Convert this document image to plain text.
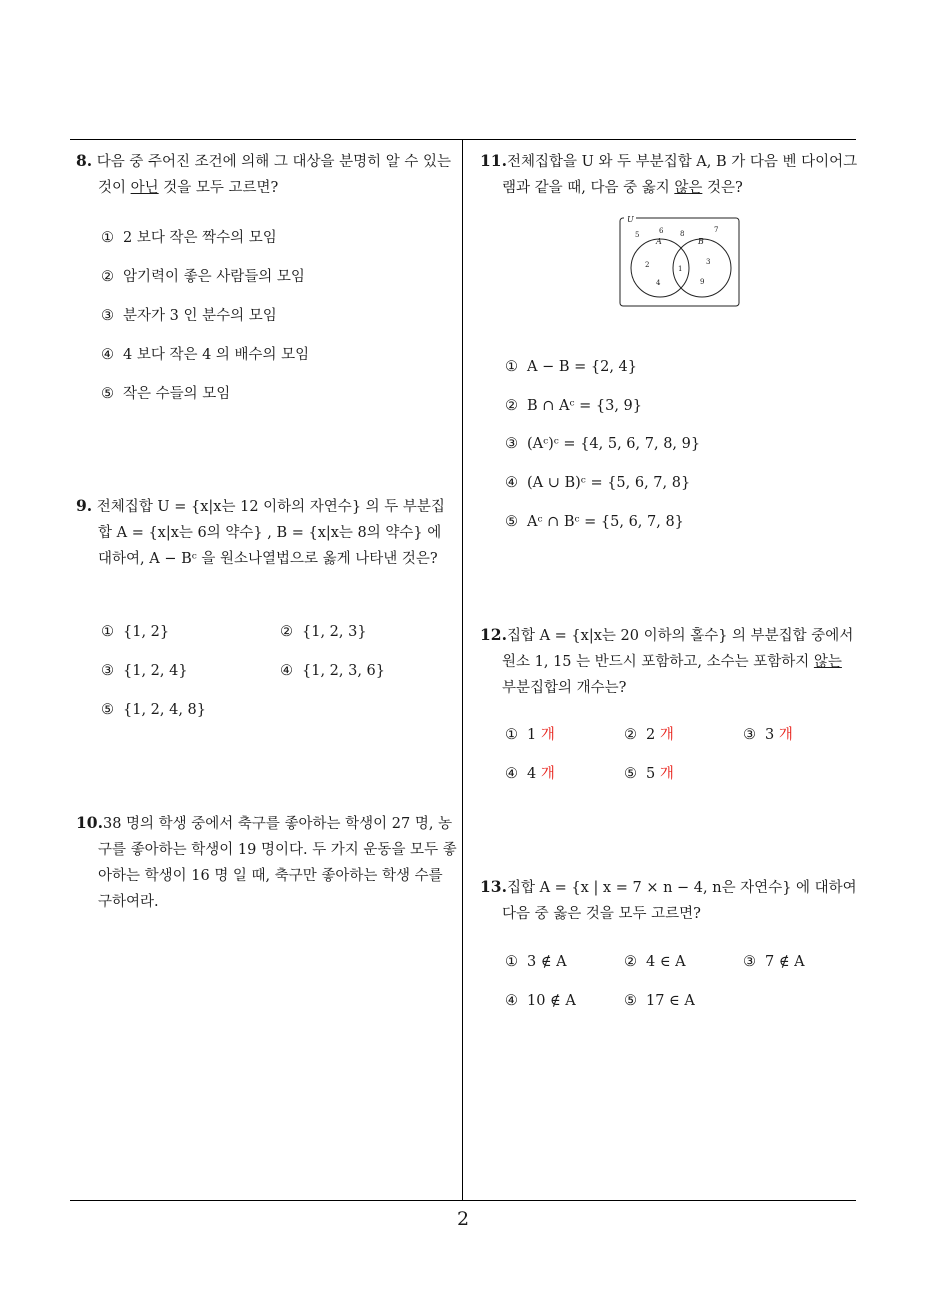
8. 다음 중 주어진 조건에 의해 그 대상을 분명히 알 수 있는 것이 아닌 것을 모두 고르면?
① 2 보다 작은 짝수의 모임
② 암기력이 좋은 사람들의 모임
③ 분자가 3 인 분수의 모임
④ 4 보다 작은 4 의 배수의 모임
⑤ 작은 수들의 모임
9. 전체집합 U = {x|x는 12 이하의 자연수} 의 두 부분집합 A = {x|x는 6의 약수} , B = {x|x는 8의 약수} 에 대하여, A − Bᶜ 을 원소나열법으로 옳게 나타낸 것은?
① {1, 2}	② {1, 2, 3}
③ {1, 2, 4}	④ {1, 2, 3, 6}
⑤ {1, 2, 4, 8}
10.38 명의 학생 중에서 축구를 좋아하는 학생이 27 명, 농구를 좋아하는 학생이 19 명이다. 두 가지 운동을 모두 좋아하는 학생이 16 명 일 때, 축구만 좋아하는 학생 수를 구하여라.
11.전체집합을 U 와 두 부분집합 A, B 가 다음 벤 다이어그램과 같을 때, 다음 중 옳지 않은 것은?
U
A	B
5	6 8	7
2
4
1
3
9
① A − B = {2, 4}
② B ∩ Aᶜ = {3, 9}
③ (Aᶜ)ᶜ = {4, 5, 6, 7, 8, 9}
④ (A ∪ B)ᶜ = {5, 6, 7, 8}
⑤ Aᶜ ∩ Bᶜ = {5, 6, 7, 8}
12.집합 A = {x|x는 20 이하의 홀수} 의 부분집합 중에서 원소 1, 15 는 반드시 포함하고, 소수는 포함하지 않는 부분집합의 개수는?
① 1 개	② 2 개	③ 3 개
④ 4 개	⑤ 5 개
13.집합 A = {x | x = 7 × n − 4, n은 자연수} 에 대하여 다음 중 옳은 것을 모두 고르면?
① 3 ∉ A	② 4 ∈ A	③ 7 ∉ A
④ 10 ∉ A	⑤ 17 ∈ A
2
